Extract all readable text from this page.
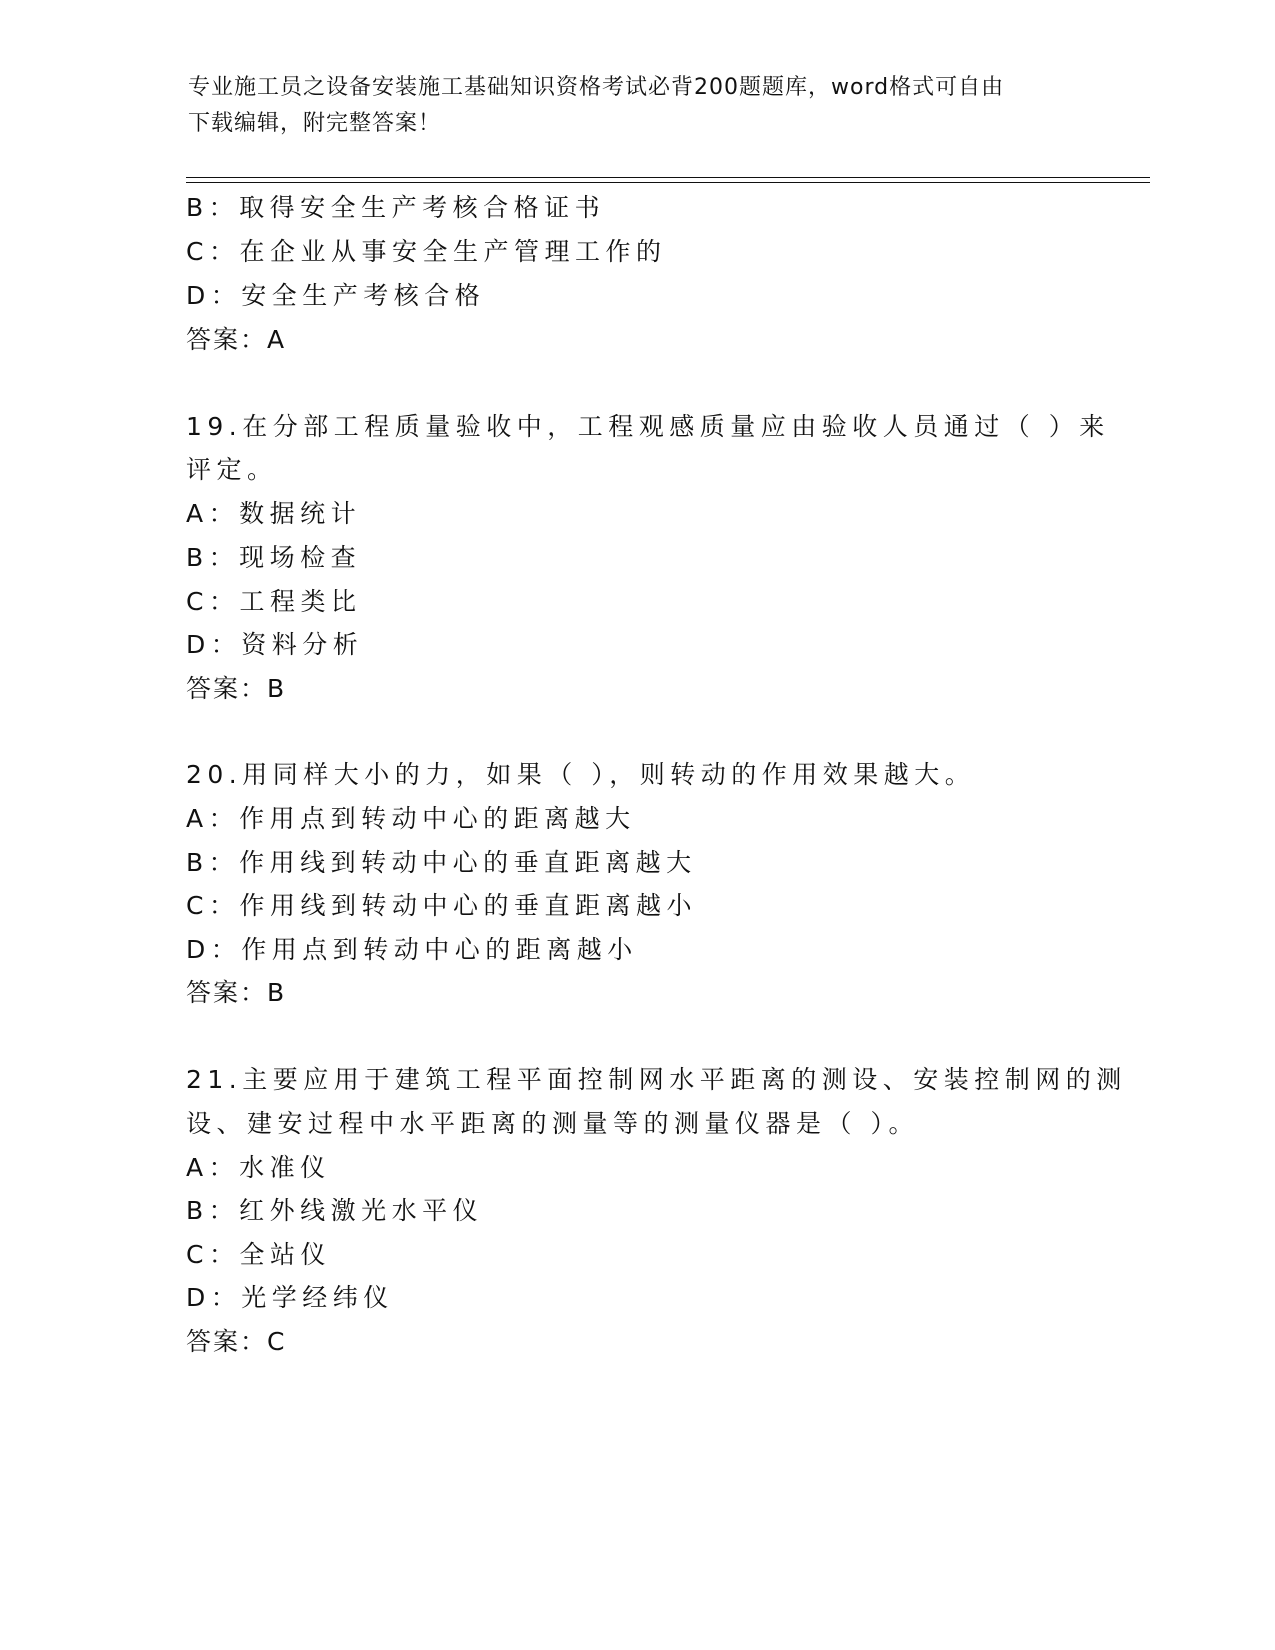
专业施工员之设备安装施工基础知识资格考试必背200题题库，word格式可自由
下载编辑，附完整答案！
B：取得安全生产考核合格证书
C：在企业从事安全生产管理工作的
D：安全生产考核合格
答案：A
19.在分部工程质量验收中，工程观感质量应由验收人员通过（ ）来
评定。
A：数据统计
B：现场检查
C：工程类比
D：资料分析
答案：B
20.用同样大小的力，如果（ ），则转动的作用效果越大。
A：作用点到转动中心的距离越大
B：作用线到转动中心的垂直距离越大
C：作用线到转动中心的垂直距离越小
D：作用点到转动中心的距离越小
答案：B
21.主要应用于建筑工程平面控制网水平距离的测设、安装控制网的测
设、建安过程中水平距离的测量等的测量仪器是（ ）。
A：水准仪
B：红外线激光水平仪
C：全站仪
D：光学经纬仪
答案：C
